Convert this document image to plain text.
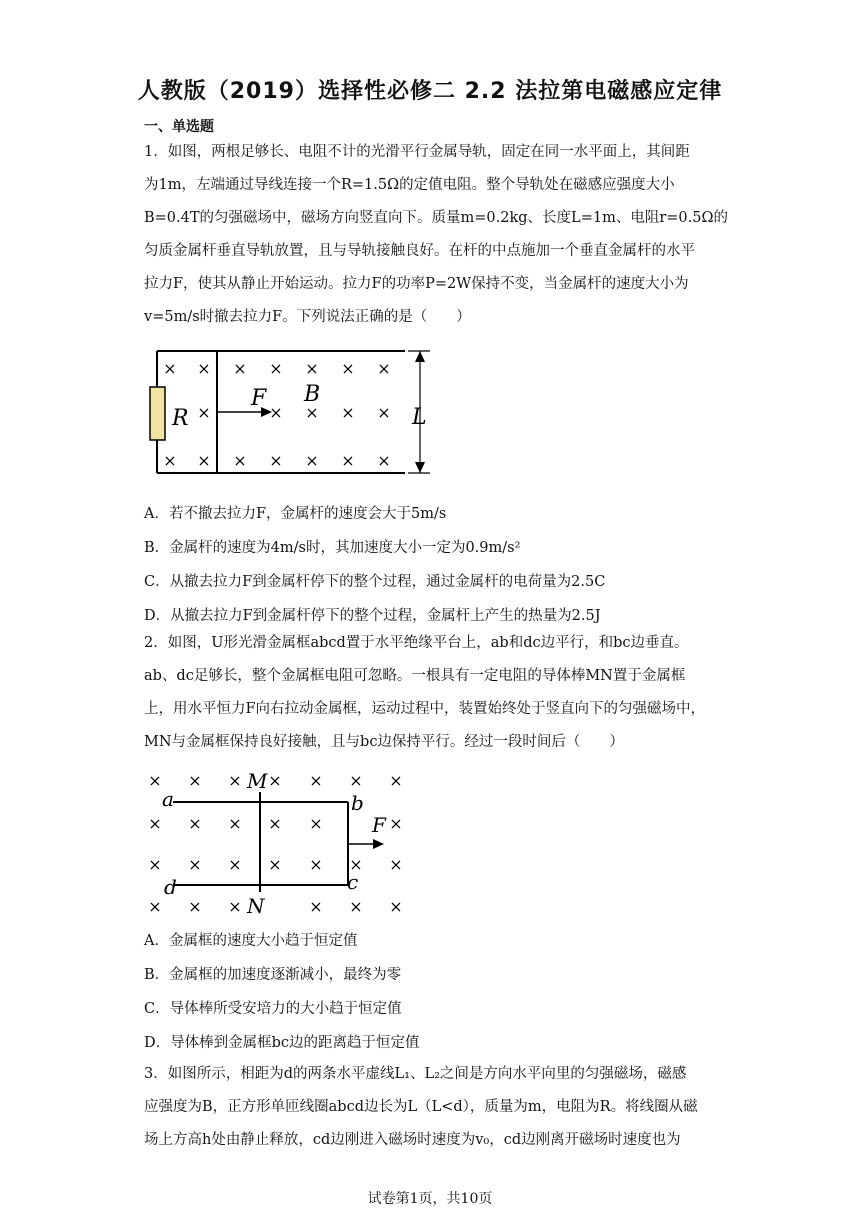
人教版（2019）选择性必修二 2.2 法拉第电磁感应定律
一、单选题

1．如图，两根足够长、电阻不计的光滑平行金属导轨，固定在同一水平面上，其间距
为1m，左端通过导线连接一个R=1.5Ω的定值电阻。整个导轨处在磁感应强度大小
B=0.4T的匀强磁场中，磁场方向竖直向下。质量m=0.2kg、长度L=1m、电阻r=0.5Ω的
匀质金属杆垂直导轨放置，且与导轨接触良好。在杆的中点施加一个垂直金属杆的水平
拉力F，使其从静止开始运动。拉力F的功率P=2W保持不变，当金属杆的速度大小为
v=5m/s时撤去拉力F。下列说法正确的是（　　）

× × × × × × ×
×	× × × ×
× × × × × × ×
R
F B
L

A．若不撤去拉力F，金属杆的速度会大于5m/s

B．金属杆的速度为4m/s时，其加速度大小一定为0.9m/s²

C．从撤去拉力F到金属杆停下的整个过程，通过金属杆的电荷量为2.5C

D．从撤去拉力F到金属杆停下的整个过程，金属杆上产生的热量为2.5J

2．如图，U形光滑金属框abcd置于水平绝缘平台上，ab和dc边平行，和bc边垂直。
ab、dc足够长，整个金属框电阻可忽略。一根具有一定电阻的导体棒MN置于金属框
上，用水平恒力F向右拉动金属框，运动过程中，装置始终处于竖直向下的匀强磁场中，
MN与金属框保持良好接触，且与bc边保持平行。经过一段时间后（　　）

× × × × × × ×
× × × × ×	×
× × × × × × ×
× × ×	× × ×
M
N
a	b
c
d
F

A．金属框的速度大小趋于恒定值

B．金属框的加速度逐渐减小，最终为零

C．导体棒所受安培力的大小趋于恒定值

D．导体棒到金属框bc边的距离趋于恒定值

3．如图所示，相距为d的两条水平虚线L₁、L₂之间是方向水平向里的匀强磁场，磁感
应强度为B，正方形单匝线圈abcd边长为L（L<d），质量为m，电阻为R。将线圈从磁
场上方高h处由静止释放，cd边刚进入磁场时速度为v₀，cd边刚离开磁场时速度也为

试卷第1页，共10页
